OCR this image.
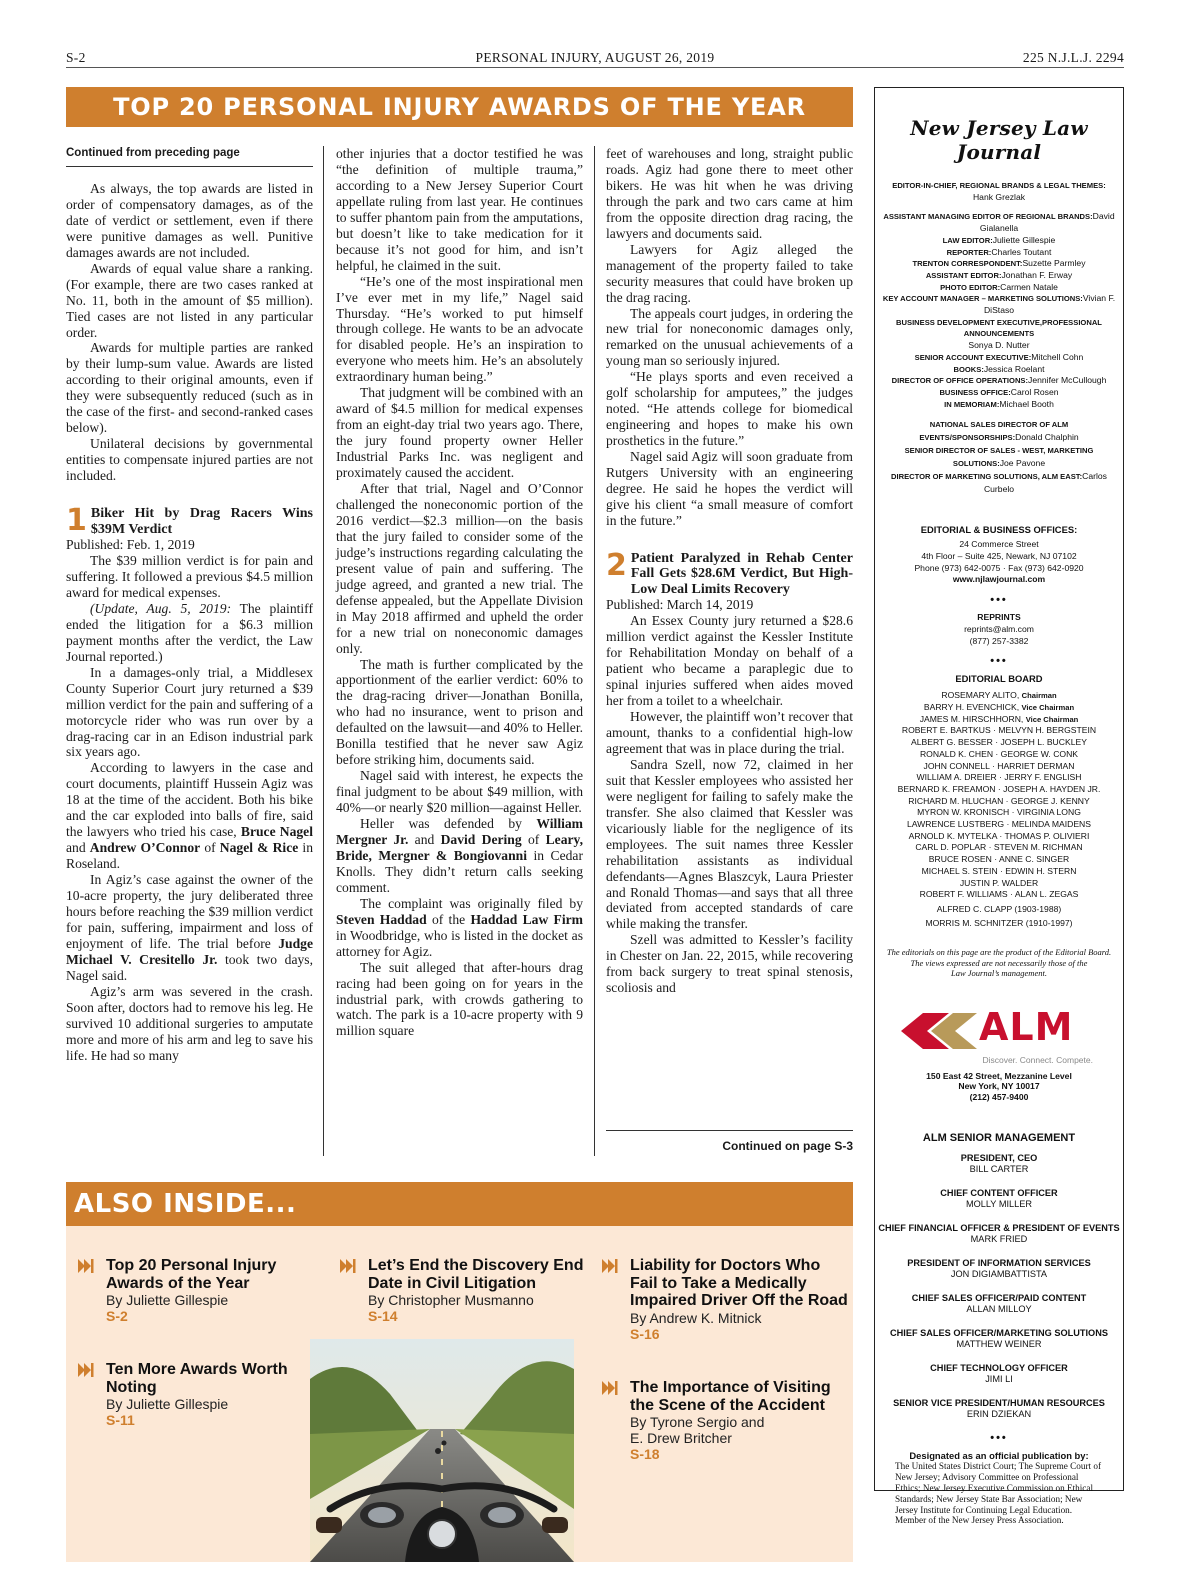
S-2	PERSONAL INJURY, AUGUST 26, 2019	225 N.J.L.J. 2294
TOP 20 PERSONAL INJURY AWARDS OF THE YEAR
Continued from preceding page

As always, the top awards are listed in order of compensatory damages, as of the date of verdict or settlement, even if there were punitive damages as well. Punitive damages awards are not included.

Awards of equal value share a ranking. (For example, there are two cases ranked at No. 11, both in the amount of $5 million). Tied cases are not listed in any particular order.

Awards for multiple parties are ranked by their lump-sum value. Awards are listed according to their original amounts, even if they were subsequently reduced (such as in the case of the first- and second-ranked cases below).

Unilateral decisions by governmental entities to compensate injured parties are not included.

1 Biker Hit by Drag Racers Wins $39M Verdict

Published: Feb. 1, 2019

The $39 million verdict is for pain and suffering. It followed a previous $4.5 million award for medical expenses.

(Update, Aug. 5, 2019: The plaintiff ended the litigation for a $6.3 million payment months after the verdict, the Law Journal reported.)

In a damages-only trial, a Middlesex County Superior Court jury returned a $39 million verdict for the pain and suffering of a motorcycle rider who was run over by a drag-racing car in an Edison industrial park six years ago.

According to lawyers in the case and court documents, plaintiff Hussein Agiz was 18 at the time of the accident. Both his bike and the car exploded into balls of fire, said the lawyers who tried his case, Bruce Nagel and Andrew O’Connor of Nagel & Rice in Roseland.

In Agiz’s case against the owner of the 10-acre property, the jury deliberated three hours before reaching the $39 million verdict for pain, suffering, impairment and loss of enjoyment of life. The trial before Judge Michael V. Cresitello Jr. took two days, Nagel said.

Agiz’s arm was severed in the crash. Soon after, doctors had to remove his leg. He survived 10 additional surgeries to amputate more and more of his arm and leg to save his life. He had so many

other injuries that a doctor testified he was “the definition of multiple trauma,” according to a New Jersey Superior Court appellate ruling from last year. He continues to suffer phantom pain from the amputations, but doesn’t like to take medication for it because it’s not good for him, and isn’t helpful, he claimed in the suit.

“He’s one of the most inspirational men I’ve ever met in my life,” Nagel said Thursday. “He’s worked to put himself through college. He wants to be an advocate for disabled people. He’s an inspiration to everyone who meets him. He’s an absolutely extraordinary human being.”

That judgment will be combined with an award of $4.5 million for medical expenses from an eight-day trial two years ago. There, the jury found property owner Heller Industrial Parks Inc. was negligent and proximately caused the accident.

After that trial, Nagel and O’Connor challenged the noneconomic portion of the 2016 verdict—$2.3 million—on the basis that the jury failed to consider some of the judge’s instructions regarding calculating the present value of pain and suffering. The judge agreed, and granted a new trial. The defense appealed, but the Appellate Division in May 2018 affirmed and upheld the order for a new trial on noneconomic damages only.

The math is further complicated by the apportionment of the earlier verdict: 60% to the drag-racing driver—Jonathan Bonilla, who had no insurance, went to prison and defaulted on the lawsuit—and 40% to Heller. Bonilla testified that he never saw Agiz before striking him, documents said.

Nagel said with interest, he expects the final judgment to be about $49 million, with 40%—or nearly $20 million—against Heller.

Heller was defended by William Mergner Jr. and David Dering of Leary, Bride, Mergner & Bongiovanni in Cedar Knolls. They didn’t return calls seeking comment.

The complaint was originally filed by Steven Haddad of the Haddad Law Firm in Woodbridge, who is listed in the docket as attorney for Agiz.

The suit alleged that after-hours drag racing had been going on for years in the industrial park, with crowds gathering to watch. The park is a 10-acre property with 9 million square

feet of warehouses and long, straight public roads. Agiz had gone there to meet other bikers. He was hit when he was driving through the park and two cars came at him from the opposite direction drag racing, the lawyers and documents said.

Lawyers for Agiz alleged the management of the property failed to take security measures that could have broken up the drag racing.

The appeals court judges, in ordering the new trial for noneconomic damages only, remarked on the unusual achievements of a young man so seriously injured.

“He plays sports and even received a golf scholarship for amputees,” the judges noted. “He attends college for biomedical engineering and hopes to make his own prosthetics in the future.”

Nagel said Agiz will soon graduate from Rutgers University with an engineering degree. He said he hopes the verdict will give his client “a small measure of comfort in the future.”

2 Patient Paralyzed in Rehab Center Fall Gets $28.6M Verdict, But High-Low Deal Limits Recovery

Published: March 14, 2019

An Essex County jury returned a $28.6 million verdict against the Kessler Institute for Rehabilitation Monday on behalf of a patient who became a paraplegic due to spinal injuries suffered when aides moved her from a toilet to a wheelchair.

However, the plaintiff won’t recover that amount, thanks to a confidential high-low agreement that was in place during the trial.

Sandra Szell, now 72, claimed in her suit that Kessler employees who assisted her were negligent for failing to safely make the transfer. She also claimed that Kessler was vicariously liable for the negligence of its employees. The suit names three Kessler rehabilitation assistants as individual defendants—Agnes Blaszcyk, Laura Priester and Ronald Thomas—and says that all three deviated from accepted standards of care while making the transfer.

Szell was admitted to Kessler’s facility in Chester on Jan. 22, 2015, while recovering from back surgery to treat spinal stenosis, scoliosis and

Continued on page S-3
ALSO INSIDE...
Top 20 Personal Injury
Awards of the Year
By Juliette Gillespie
S-2
Ten More Awards Worth
Noting
By Juliette Gillespie
S-11
Let’s End the Discovery End
Date in Civil Litigation
By Christopher Musmanno
S-14
Liability for Doctors Who
Fail to Take a Medically
Impaired Driver Off the Road
By Andrew K. Mitnick
S-16
The Importance of Visiting
the Scene of the Accident
By Tyrone Sergio and
E. Drew Britcher
S-18
New Jersey Law Journal
EDITOR-IN-CHIEF, REGIONAL BRANDS & LEGAL THEMES:
Hank Grezlak
ASSISTANT MANAGING EDITOR OF REGIONAL BRANDS:David Gialanella
LAW EDITOR:Juliette Gillespie
REPORTER:Charles Toutant
TRENTON CORRESPONDENT:Suzette Parmley
ASSISTANT EDITOR:Jonathan F. Erway
PHOTO EDITOR:Carmen Natale
KEY ACCOUNT MANAGER – MARKETING SOLUTIONS:Vivian F. DiStaso
BUSINESS DEVELOPMENT EXECUTIVE,PROFESSIONAL ANNOUNCEMENTS
Sonya D. Nutter
SENIOR ACCOUNT EXECUTIVE:Mitchell Cohn
BOOKS:Jessica Roelant
DIRECTOR OF OFFICE OPERATIONS:Jennifer McCullough
BUSINESS OFFICE:Carol Rosen
IN MEMORIAM:Michael Booth
NATIONAL SALES DIRECTOR OF ALM EVENTS/SPONSORSHIPS:Donald Chalphin
SENIOR DIRECTOR OF SALES - WEST, MARKETING SOLUTIONS:Joe Pavone
DIRECTOR OF MARKETING SOLUTIONS, ALM EAST:Carlos Curbelo
EDITORIAL & BUSINESS OFFICES:
24 Commerce Street
4th Floor – Suite 425, Newark, NJ 07102
Phone (973) 642-0075 · Fax (973) 642-0920
www.njlawjournal.com
•••
REPRINTS
reprints@alm.com
(877) 257-3382
•••
EDITORIAL BOARD
ROSEMARY ALITO, Chairman
BARRY H. EVENCHICK, Vice Chairman
JAMES M. HIRSCHHORN, Vice Chairman
ROBERT E. BARTKUS · MELVYN H. BERGSTEIN
ALBERT G. BESSER · JOSEPH L. BUCKLEY
RONALD K. CHEN · GEORGE W. CONK
JOHN CONNELL · HARRIET DERMAN
WILLIAM A. DREIER · JERRY F. ENGLISH
BERNARD K. FREAMON · JOSEPH A. HAYDEN JR.
RICHARD M. HLUCHAN · GEORGE J. KENNY
MYRON W. KRONISCH · VIRGINIA LONG
LAWRENCE LUSTBERG · MELINDA MAIDENS
ARNOLD K. MYTELKA · THOMAS P. OLIVIERI
CARL D. POPLAR · STEVEN M. RICHMAN
BRUCE ROSEN · ANNE C. SINGER
MICHAEL S. STEIN · EDWIN H. STERN
JUSTIN P. WALDER
ROBERT F. WILLIAMS · ALAN L. ZEGAS
ALFRED C. CLAPP (1903-1988)
MORRIS M. SCHNITZER (1910-1997)
The editorials on this page are the product of the Editorial Board.
The views expressed are not necessarily those of the
Law Journal’s management.
ALM
Discover. Connect. Compete.
150 East 42 Street, Mezzanine Level
New York, NY 10017
(212) 457-9400
ALM SENIOR MANAGEMENT
PRESIDENT, CEO
BILL CARTER
CHIEF CONTENT OFFICER
MOLLY MILLER
CHIEF FINANCIAL OFFICER & PRESIDENT OF EVENTS
MARK FRIED
PRESIDENT OF INFORMATION SERVICES
JON DIGIAMBATTISTA
CHIEF SALES OFFICER/PAID CONTENT
ALLAN MILLOY
CHIEF SALES OFFICER/MARKETING SOLUTIONS
MATTHEW WEINER
CHIEF TECHNOLOGY OFFICER
JIMI LI
SENIOR VICE PRESIDENT/HUMAN RESOURCES
ERIN DZIEKAN
•••
Designated as an official publication by:
The United States District Court; The Supreme Court of New Jersey; Advisory Committee on Professional Ethics; New Jersey Executive Commission on Ethical Standards; New Jersey State Bar Association; New Jersey Institute for Continuing Legal Education. Member of the New Jersey Press Association.
